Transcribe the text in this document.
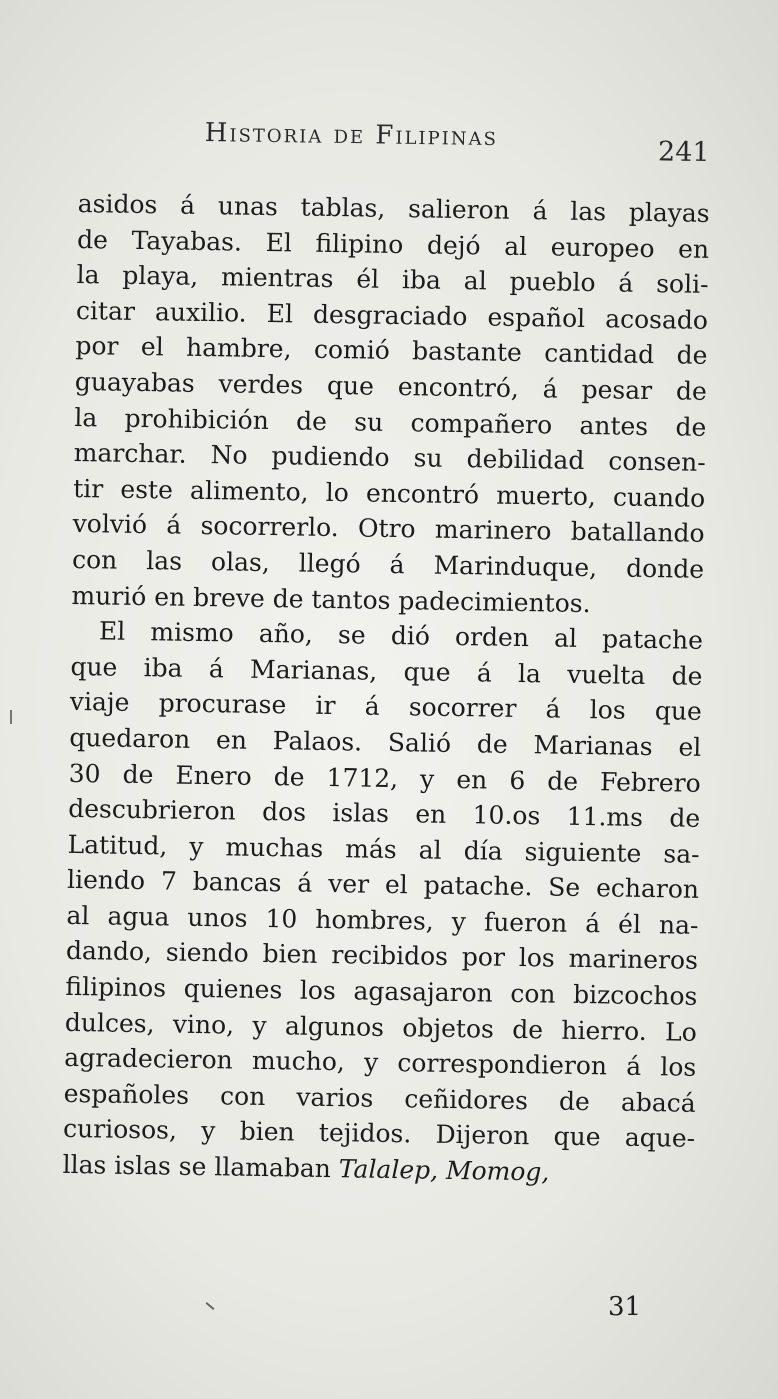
Historia de Filipinas
241
asidos á unas tablas, salieron á las playas
de Tayabas. El filipino dejó al europeo en
la playa, mientras él iba al pueblo á soli-
citar auxilio. El desgraciado español acosado
por el hambre, comió bastante cantidad de
guayabas verdes que encontró, á pesar de
la prohibición de su compañero antes de
marchar. No pudiendo su debilidad consen-
tir este alimento, lo encontró muerto, cuando
volvió á socorrerlo. Otro marinero batallando
con las olas, llegó á Marinduque, donde
murió en breve de tantos padecimientos.
El mismo año, se dió orden al patache
que iba á Marianas, que á la vuelta de
viaje procurase ir á socorrer á los que
quedaron en Palaos. Salió de Marianas el
30 de Enero de 1712, y en 6 de Febrero
descubrieron dos islas en 10.os 11.ms de
Latitud, y muchas más al día siguiente sa-
liendo 7 bancas á ver el patache. Se echaron
al agua unos 10 hombres, y fueron á él na-
dando, siendo bien recibidos por los marineros
filipinos quienes los agasajaron con bizcochos
dulces, vino, y algunos objetos de hierro. Lo
agradecieron mucho, y correspondieron á los
españoles con varios ceñidores de abacá
curiosos, y bien tejidos. Dijeron que aque-
llas islas se llamaban Talalep, Momog,
31
